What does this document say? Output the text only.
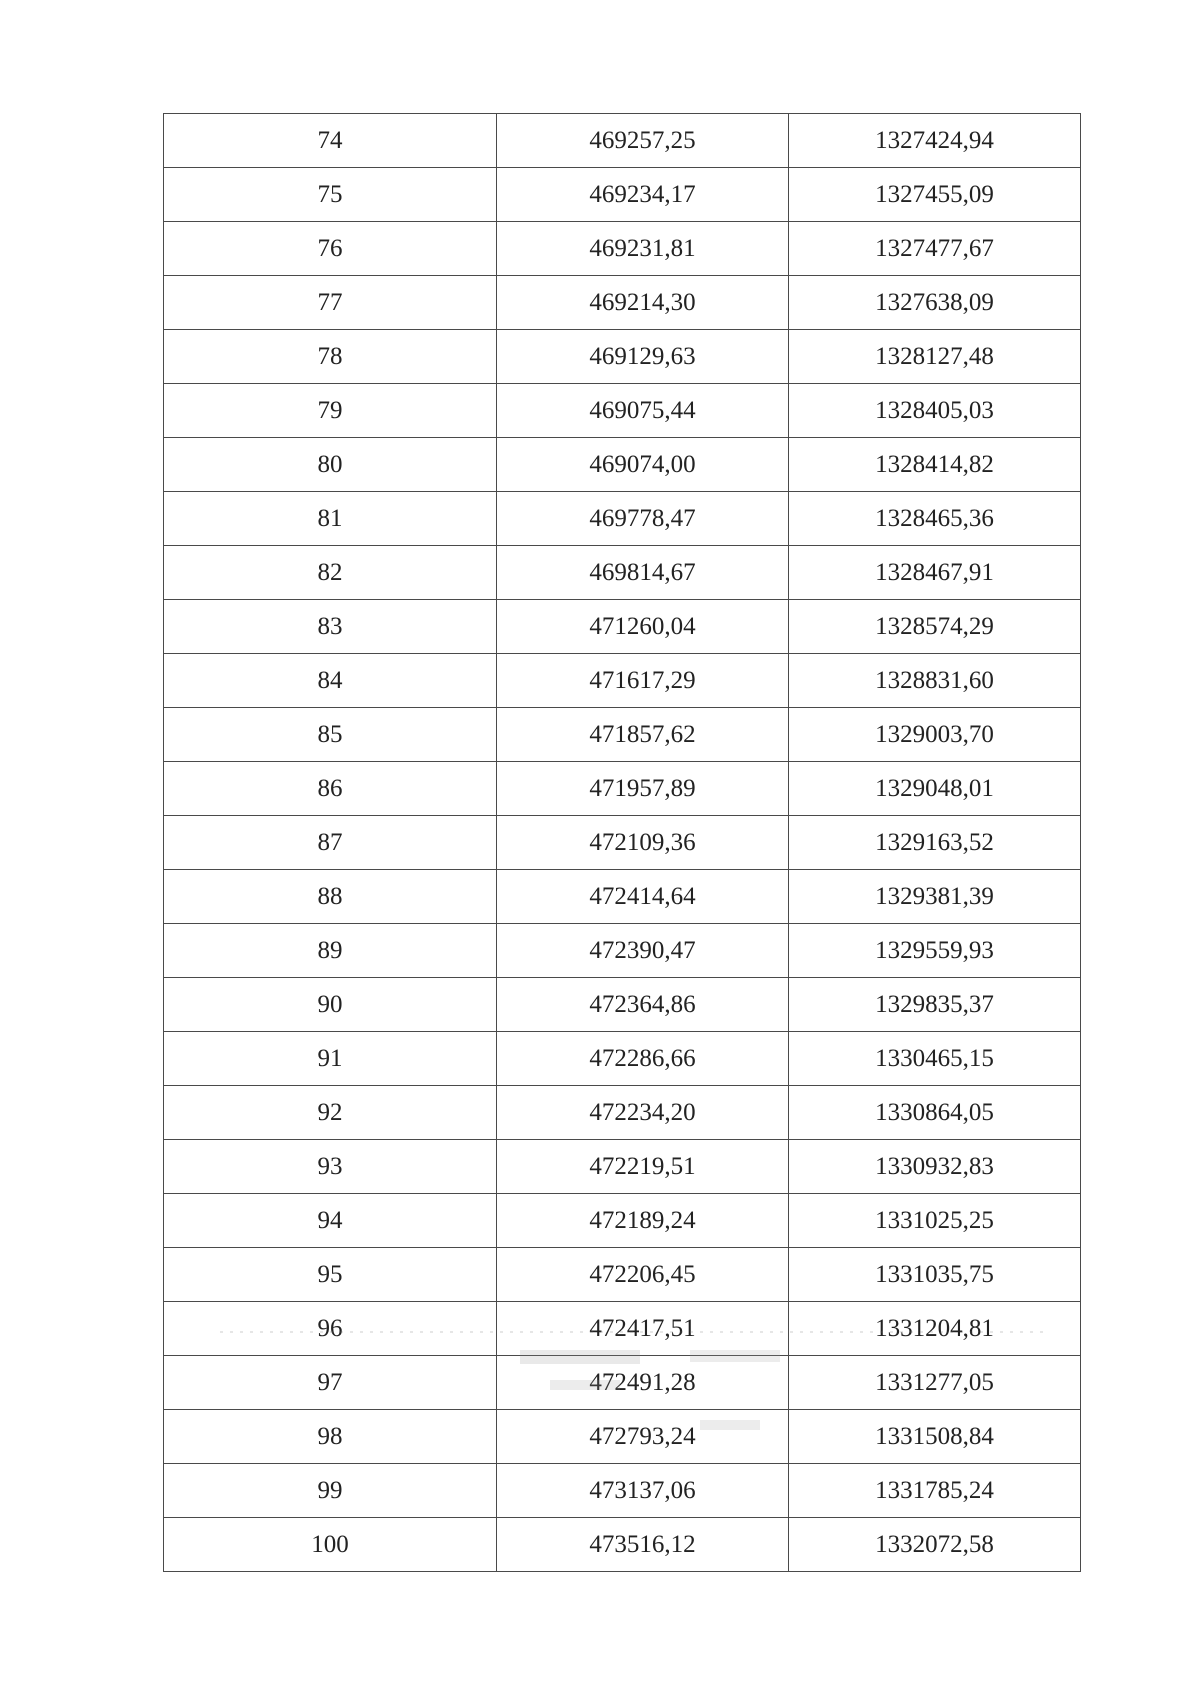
74	469257,25	1327424,94
75	469234,17	1327455,09
76	469231,81	1327477,67
77	469214,30	1327638,09
78	469129,63	1328127,48
79	469075,44	1328405,03
80	469074,00	1328414,82
81	469778,47	1328465,36
82	469814,67	1328467,91
83	471260,04	1328574,29
84	471617,29	1328831,60
85	471857,62	1329003,70
86	471957,89	1329048,01
87	472109,36	1329163,52
88	472414,64	1329381,39
89	472390,47	1329559,93
90	472364,86	1329835,37
91	472286,66	1330465,15
92	472234,20	1330864,05
93	472219,51	1330932,83
94	472189,24	1331025,25
95	472206,45	1331035,75
96	472417,51	1331204,81
97	472491,28	1331277,05
98	472793,24	1331508,84
99	473137,06	1331785,24
100	473516,12	1332072,58
